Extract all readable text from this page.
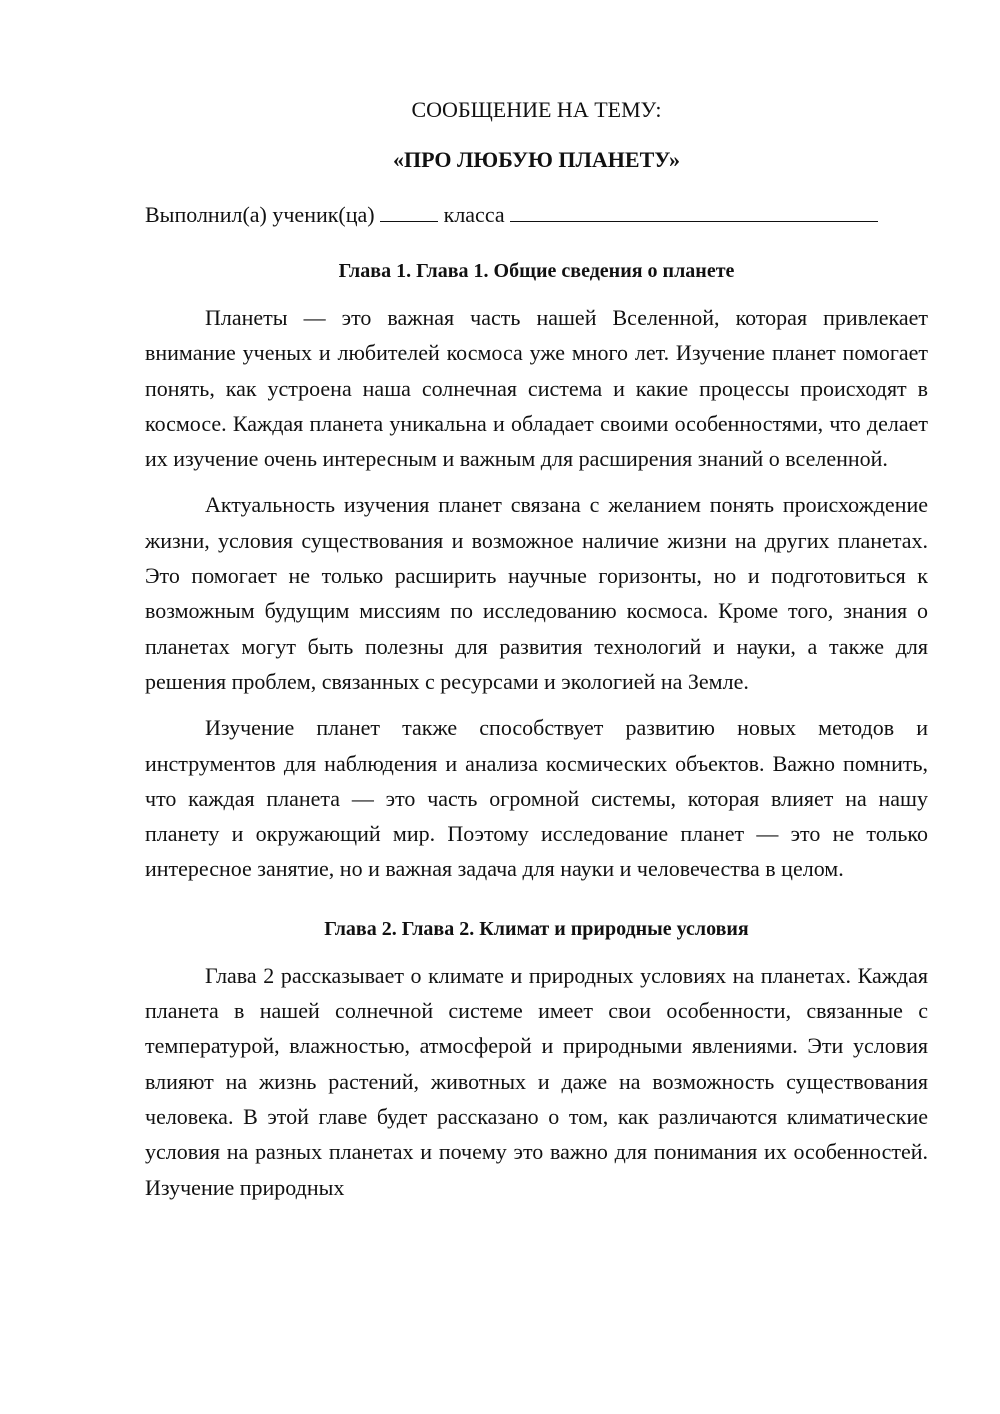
СООБЩЕНИЕ НА ТЕМУ:

«ПРО ЛЮБУЮ ПЛАНЕТУ»

Выполнил(а) ученик(ца)	класса

Глава 1. Глава 1. Общие сведения о планете

Планеты — это важная часть нашей Вселенной, которая привлекает внимание ученых и любителей космоса уже много лет. Изучение планет помогает понять, как устроена наша солнечная система и какие процессы происходят в космосе. Каждая планета уникальна и обладает своими особенностями, что делает их изучение очень интересным и важным для расширения знаний о вселенной.

Актуальность изучения планет связана с желанием понять происхождение жизни, условия существования и возможное наличие жизни на других планетах. Это помогает не только расширить научные горизонты, но и подготовиться к возможным будущим миссиям по исследованию космоса. Кроме того, знания о планетах могут быть полезны для развития технологий и науки, а также для решения проблем, связанных с ресурсами и экологией на Земле.

Изучение планет также способствует развитию новых методов и инструментов для наблюдения и анализа космических объектов. Важно помнить, что каждая планета — это часть огромной системы, которая влияет на нашу планету и окружающий мир. Поэтому исследование планет — это не только интересное занятие, но и важная задача для науки и человечества в целом.

Глава 2. Глава 2. Климат и природные условия

Глава 2 рассказывает о климате и природных условиях на планетах. Каждая планета в нашей солнечной системе имеет свои особенности, связанные с температурой, влажностью, атмосферой и природными явлениями. Эти условия влияют на жизнь растений, животных и даже на возможность существования человека. В этой главе будет рассказано о том, как различаются климатические условия на разных планетах и почему это важно для понимания их особенностей. Изучение природных
